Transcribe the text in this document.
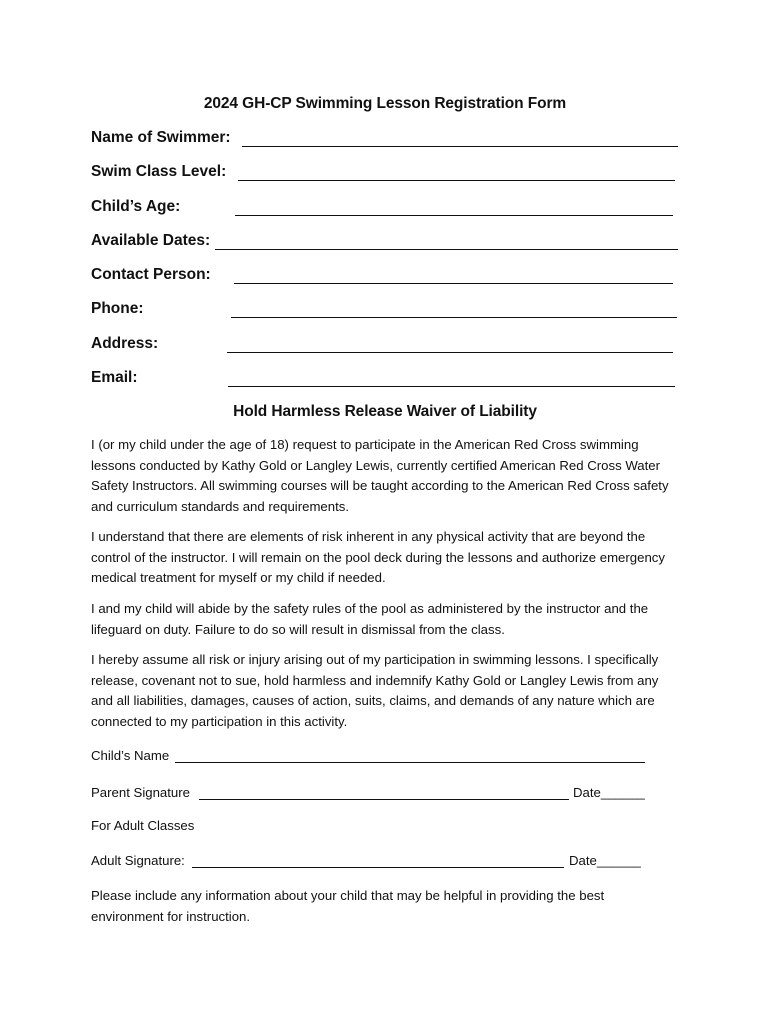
2024 GH-CP Swimming Lesson Registration Form
Name of Swimmer:
Swim Class Level:
Child’s Age:
Available Dates:
Contact Person:
Phone:
Address:
Email:
Hold Harmless Release Waiver of Liability
I (or my child under the age of 18) request to participate in the American Red Cross swimming lessons conducted by Kathy Gold or Langley Lewis, currently certified American Red Cross Water Safety Instructors. All swimming courses will be taught according to the American Red Cross safety and curriculum standards and requirements.
I understand that there are elements of risk inherent in any physical activity that are beyond the control of the instructor. I will remain on the pool deck during the lessons and authorize emergency medical treatment for myself or my child if needed.
I and my child will abide by the safety rules of the pool as administered by the instructor and the lifeguard on duty. Failure to do so will result in dismissal from the class.
I hereby assume all risk or injury arising out of my participation in swimming lessons. I specifically release, covenant not to sue, hold harmless and indemnify Kathy Gold or Langley Lewis from any and all liabilities, damages, causes of action, suits, claims, and demands of any nature which are connected to my participation in this activity.
Child’s Name
Parent Signature	Date______
For Adult Classes
Adult Signature:	Date______
Please include any information about your child that may be helpful in providing the best environment for instruction.
